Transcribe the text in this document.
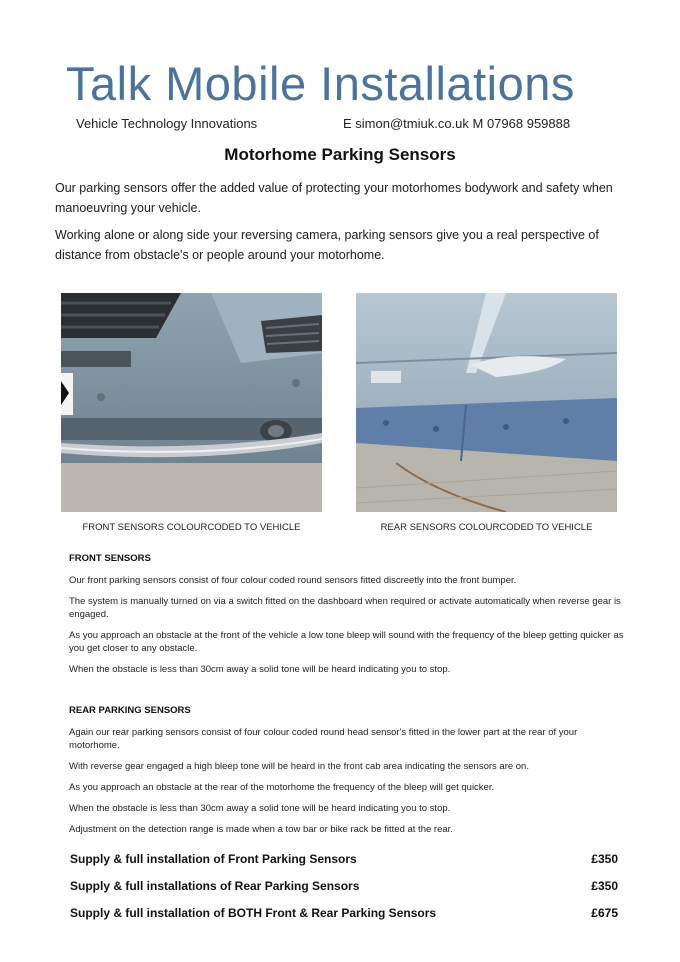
Talk Mobile Installations
Vehicle Technology Innovations	E simon@tmiuk.co.uk M 07968 959888
Motorhome Parking Sensors

Our parking sensors offer the added value of protecting your motorhomes bodywork and safety when manoeuvring your vehicle.

Working alone or along side your reversing camera, parking sensors give you a real perspective of distance from obstacle's or people around your motorhome.

FRONT SENSORS COLOURCODED TO VEHICLE	REAR SENSORS COLOURCODED TO VEHICLE
FRONT SENSORS

Our front parking sensors consist of four colour coded round sensors fitted discreetly into the front bumper.

The system is manually turned on via a switch fitted on the dashboard when required or activate automatically when reverse gear is engaged.

As you approach an obstacle at the front of the vehicle a low tone bleep will sound with the frequency of the bleep getting quicker as you get closer to any obstacle.

When the obstacle is less than 30cm away a solid tone will be heard indicating you to stop.

REAR PARKING SENSORS

Again our rear parking sensors consist of four colour coded round head sensor's fitted in the lower part at the rear of your motorhome.

With reverse gear engaged a high bleep tone will be heard in the front cab area indicating the sensors are on.

As you approach an obstacle at the rear of the motorhome the frequency of the bleep will get quicker.

When the obstacle is less than 30cm away a solid tone will be heard indicating you to stop.

Adjustment on the detection range is made when a tow bar or bike rack be fitted at the rear.

Supply & full installation of Front Parking Sensors	£350
Supply & full installations of Rear Parking Sensors	£350
Supply & full installation of BOTH Front & Rear Parking Sensors	£675
